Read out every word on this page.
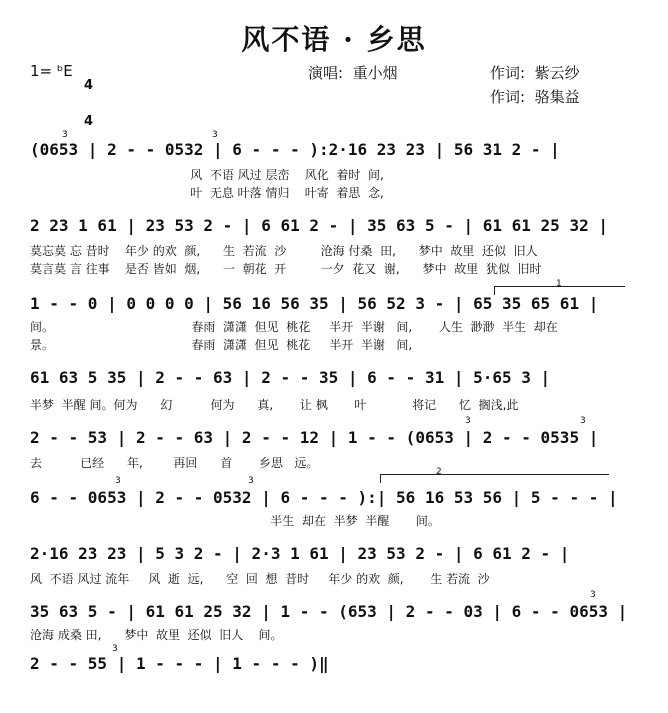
风不语 · 乡思
1= ᵇE

4

4

演唱:  重小烟	作词:  紫云纱
作词:  骆集益
(0653 | 2 - - 0532 | 6 - - - ):2·16 23 23 | 56 31 2 - |
风  不语 风过 层峦    风化  着时  间,
叶  无息 叶落 情归    叶寄  着思  念,
2 23 1 61 | 23 53 2 - | 6 61 2 - | 35 63 5 - | 61 61 25 32 |
莫忘莫 忘 昔时    年少 的欢  颜,      生  若流  沙         沧海 付桑  田,      梦中  故里  还似  旧人
莫言莫 言 往事    是否 皆如  烟,      一  朝花  开         一夕  花又  谢,      梦中  故里  犹似  旧时
1 - - 0 | 0 0 0 0 | 56 16 56 35 | 56 52 3 - | 65 35 65 61 |
间。                                    春雨  潇潇  但见  桃花     半开  半谢   间,       人生  渺渺  半生  却在
景。                                    春雨  潇潇  但见  桃花     半开  半谢   间,
61 63 5 35 | 2 - - 63 | 2 - - 35 | 6 - - 31 | 5·65 3 |
半梦  半醒 间。何为      幻          何为      真,       让 枫       叶            将记      忆  搁浅,此
2 - - 53 | 2 - - 63 | 2 - - 12 | 1 - - (0653 | 2 - - 0535 |
去          已经      年,        再回      首       乡思   远。
6 - - 0653 | 2 - - 0532 | 6 - - - ):| 56 16 53 56 | 5 - - - |
半生  却在  半梦  半醒       间。
2·16 23 23 | 5 3 2 - | 2·3 1 61 | 23 53 2 - | 6 61 2 - |
风  不语 风过 流年     风  逝  远,      空  回  想  昔时     年少 的欢  颜,       生 若流  沙
35 63 5 - | 61 61 25 32 | 1 - - (653 | 2 - - 03 | 6 - - 0653 |
沧海 成桑 田,      梦中  故里  还似  旧人    间。
2 - - 55 | 1 - - - | 1 - - - )‖
3	3
3	3
3	3
3
3
1
2
